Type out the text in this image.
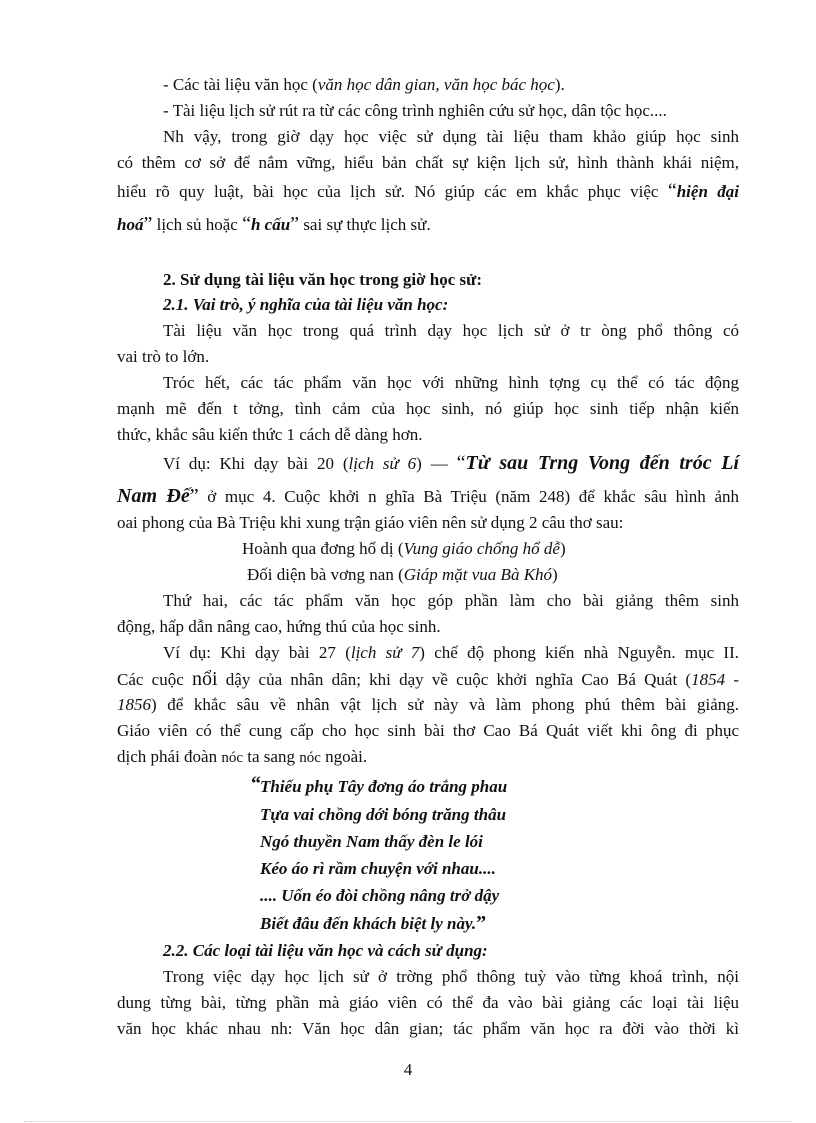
- Các tài liệu văn học (văn học dân gian, văn học bác học).
- Tài liệu lịch sử rút ra từ các công trình nghiên cứu sử học, dân tộc học....
Nh vậy, trong giờ dạy học việc sử dụng tài liệu tham khảo giúp học sinh
có thêm cơ sở để nắm vững, hiểu bản chất sự kiện lịch sử, hình thành khái niệm,
hiểu rõ quy luật, bài học của lịch sử. Nó giúp các em khắc phục việc “hiện đại
hoá” lịch sủ hoặc “h cấu” sai sự thực lịch sử.
2. Sử dụng tài liệu văn học trong giờ học sử:
2.1. Vai trò, ý nghĩa của tài liệu văn học:
Tài liệu văn học trong quá trình dạy học lịch sử ở tr òng phổ thông có
vai trò to lớn.
Tróc hết, các tác phẩm văn học với những hình tợng cụ thể có tác động
mạnh mẽ đến t tởng, tình cảm của học sinh, nó giúp học sinh tiếp nhận kiến
thức, khắc sâu kiến thức 1 cách dễ dàng hơn.
Ví dụ: Khi dạy bài 20 (lịch sử 6) — “Từ sau Trng Vong đến tróc Lí
Nam Đế” ở mục 4. Cuộc khởi n ghĩa Bà Triệu (năm 248) để khắc sâu hình ảnh
oai phong của Bà Triệu khi xung trận giáo viên nên sử dụng 2 câu thơ sau:
Hoành qua đơng hổ dị (Vung giáo chống hổ dễ)
Đối diện bà vơng nan (Giáp mặt vua Bà Khó)
Thứ hai, các tác phẩm văn học góp phần làm cho bài giảng thêm sinh
động, hấp dẫn nâng cao, hứng thú của học sinh.
Ví dụ: Khi dạy bài 27 (lịch sử 7) chế độ phong kiến nhà Nguyễn. mục II.
Các cuộc nổi dậy của nhân dân; khi dạy về cuộc khởi nghĩa Cao Bá Quát (1854 -
1856) để khắc sâu về nhân vật lịch sử này và làm phong phú thêm bài giảng.
Giáo viên có thể cung cấp cho học sinh bài thơ Cao Bá Quát viết khi ông đi phục
dịch phái đoàn nóc ta sang nóc ngoài.
“ Thiếu phụ Tây đơng áo trắng phau
Tựa vai chồng dới bóng trăng thâu
Ngó thuyền Nam thấy đèn le lói
Kéo áo rì rầm chuyện với nhau....
.... Uốn éo đòi chồng nâng trở dậy
Biết đâu đến khách biệt ly này.”
2.2. Các loại tài liệu văn học và cách sử dụng:
Trong việc dạy học lịch sử ở trờng phổ thông tuỳ vào từng khoá trình, nội
dung từng bài, từng phần mà giáo viên có thể đa vào bài giảng các loại tài liệu
văn học khác nhau nh: Văn học dân gian; tác phẩm văn học ra đời vào thời kì
4
